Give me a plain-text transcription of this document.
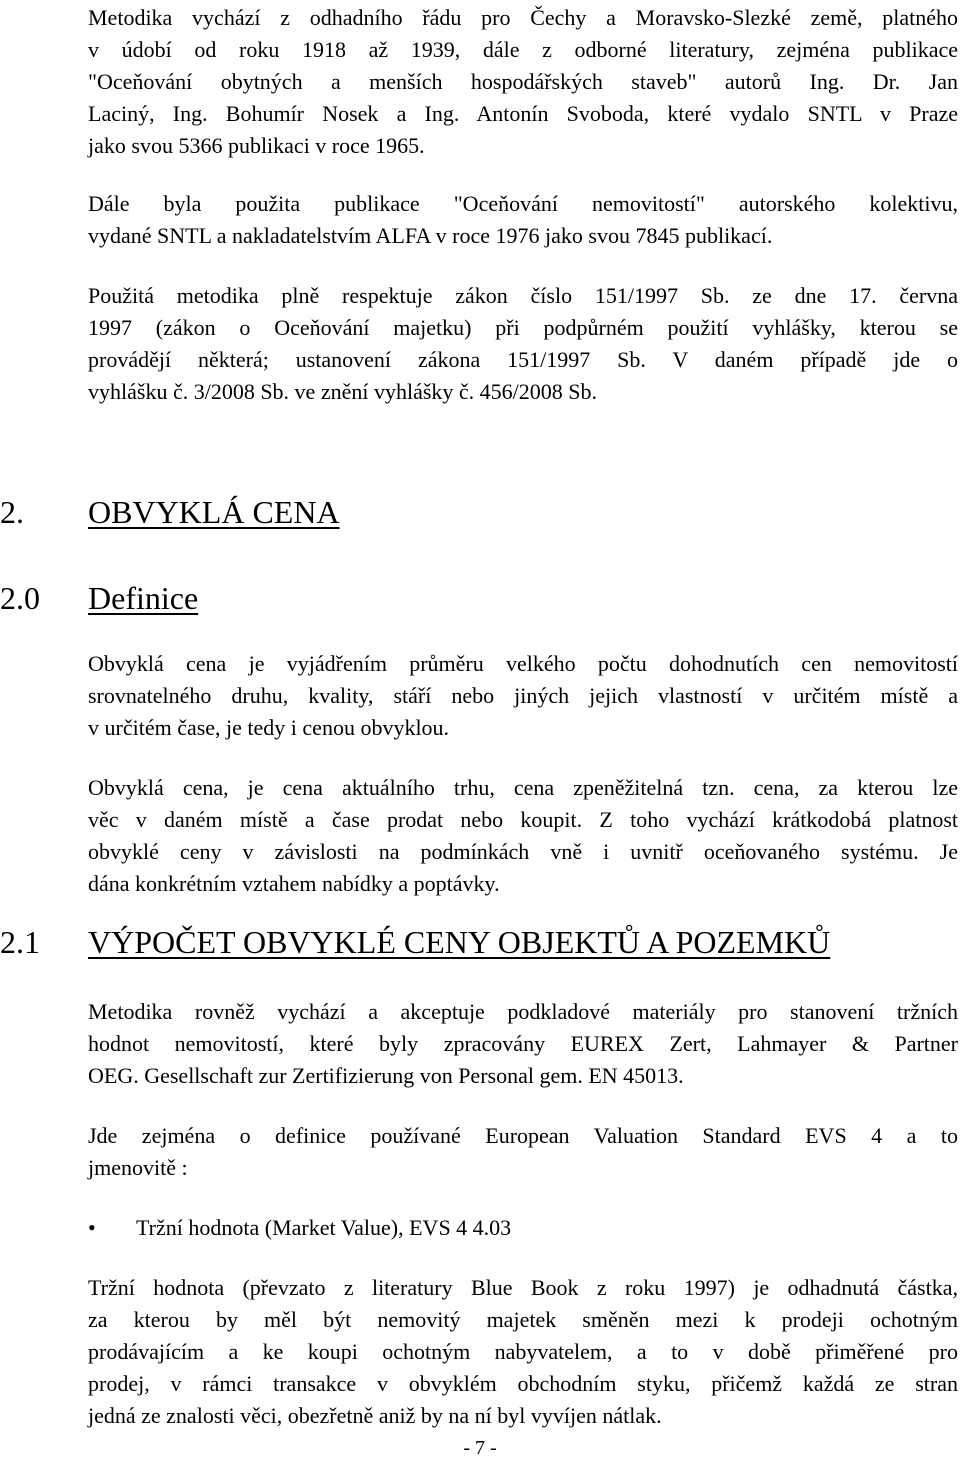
Metodika vychází z odhadního řádu pro Čechy a Moravsko-Slezké země, platného
v údobí od roku 1918 až 1939, dále z odborné literatury, zejména publikace
"Oceňování obytných a menších hospodářských staveb" autorů Ing. Dr. Jan
Laciný, Ing. Bohumír Nosek a Ing. Antonín Svoboda, které vydalo SNTL v Praze
jako svou 5366 publikaci v roce 1965.
Dále byla použita publikace "Oceňování nemovitostí" autorského kolektivu,
vydané SNTL a nakladatelstvím ALFA v roce 1976 jako svou 7845 publikací.
Použitá metodika plně respektuje zákon číslo 151/1997 Sb. ze dne 17. června
1997 (zákon o Oceňování majetku) při podpůrném použití vyhlášky, kterou se
provádějí některá; ustanovení zákona 151/1997 Sb. V daném případě jde o
vyhlášku č. 3/2008 Sb. ve znění vyhlášky č. 456/2008 Sb.
2. OBVYKLÁ CENA
2.0 Definice
Obvyklá cena je vyjádřením průměru velkého počtu dohodnutích cen nemovitostí
srovnatelného druhu, kvality, stáří nebo jiných jejich vlastností v určitém místě a
v určitém čase, je tedy i cenou obvyklou.
Obvyklá cena, je cena aktuálního trhu, cena zpeněžitelná tzn. cena, za kterou lze
věc v daném místě a čase prodat nebo koupit. Z toho vychází krátkodobá platnost
obvyklé ceny v závislosti na podmínkách vně i uvnitř oceňovaného systému. Je
dána konkrétním vztahem nabídky a poptávky.
2.1 VÝPOČET OBVYKLÉ CENY OBJEKTŮ A POZEMKŮ
Metodika rovněž vychází a akceptuje podkladové materiály pro stanovení tržních
hodnot nemovitostí, které byly zpracovány EUREX Zert, Lahmayer & Partner
OEG. Gesellschaft zur Zertifizierung von Personal gem. EN 45013.
Jde zejména o definice používané European Valuation Standard EVS 4 a to
jmenovitě :
• Tržní hodnota (Market Value), EVS 4 4.03
Tržní hodnota (převzato z literatury Blue Book z roku 1997) je odhadnutá částka,
za kterou by měl být nemovitý majetek směněn mezi k prodeji ochotným
prodávajícím a ke koupi ochotným nabyvatelem, a to v době přiměřené pro
prodej, v rámci transakce v obvyklém obchodním styku, přičemž každá ze stran
jedná ze znalosti věci, obezřetně aniž by na ní byl vyvíjen nátlak.
- 7 -
